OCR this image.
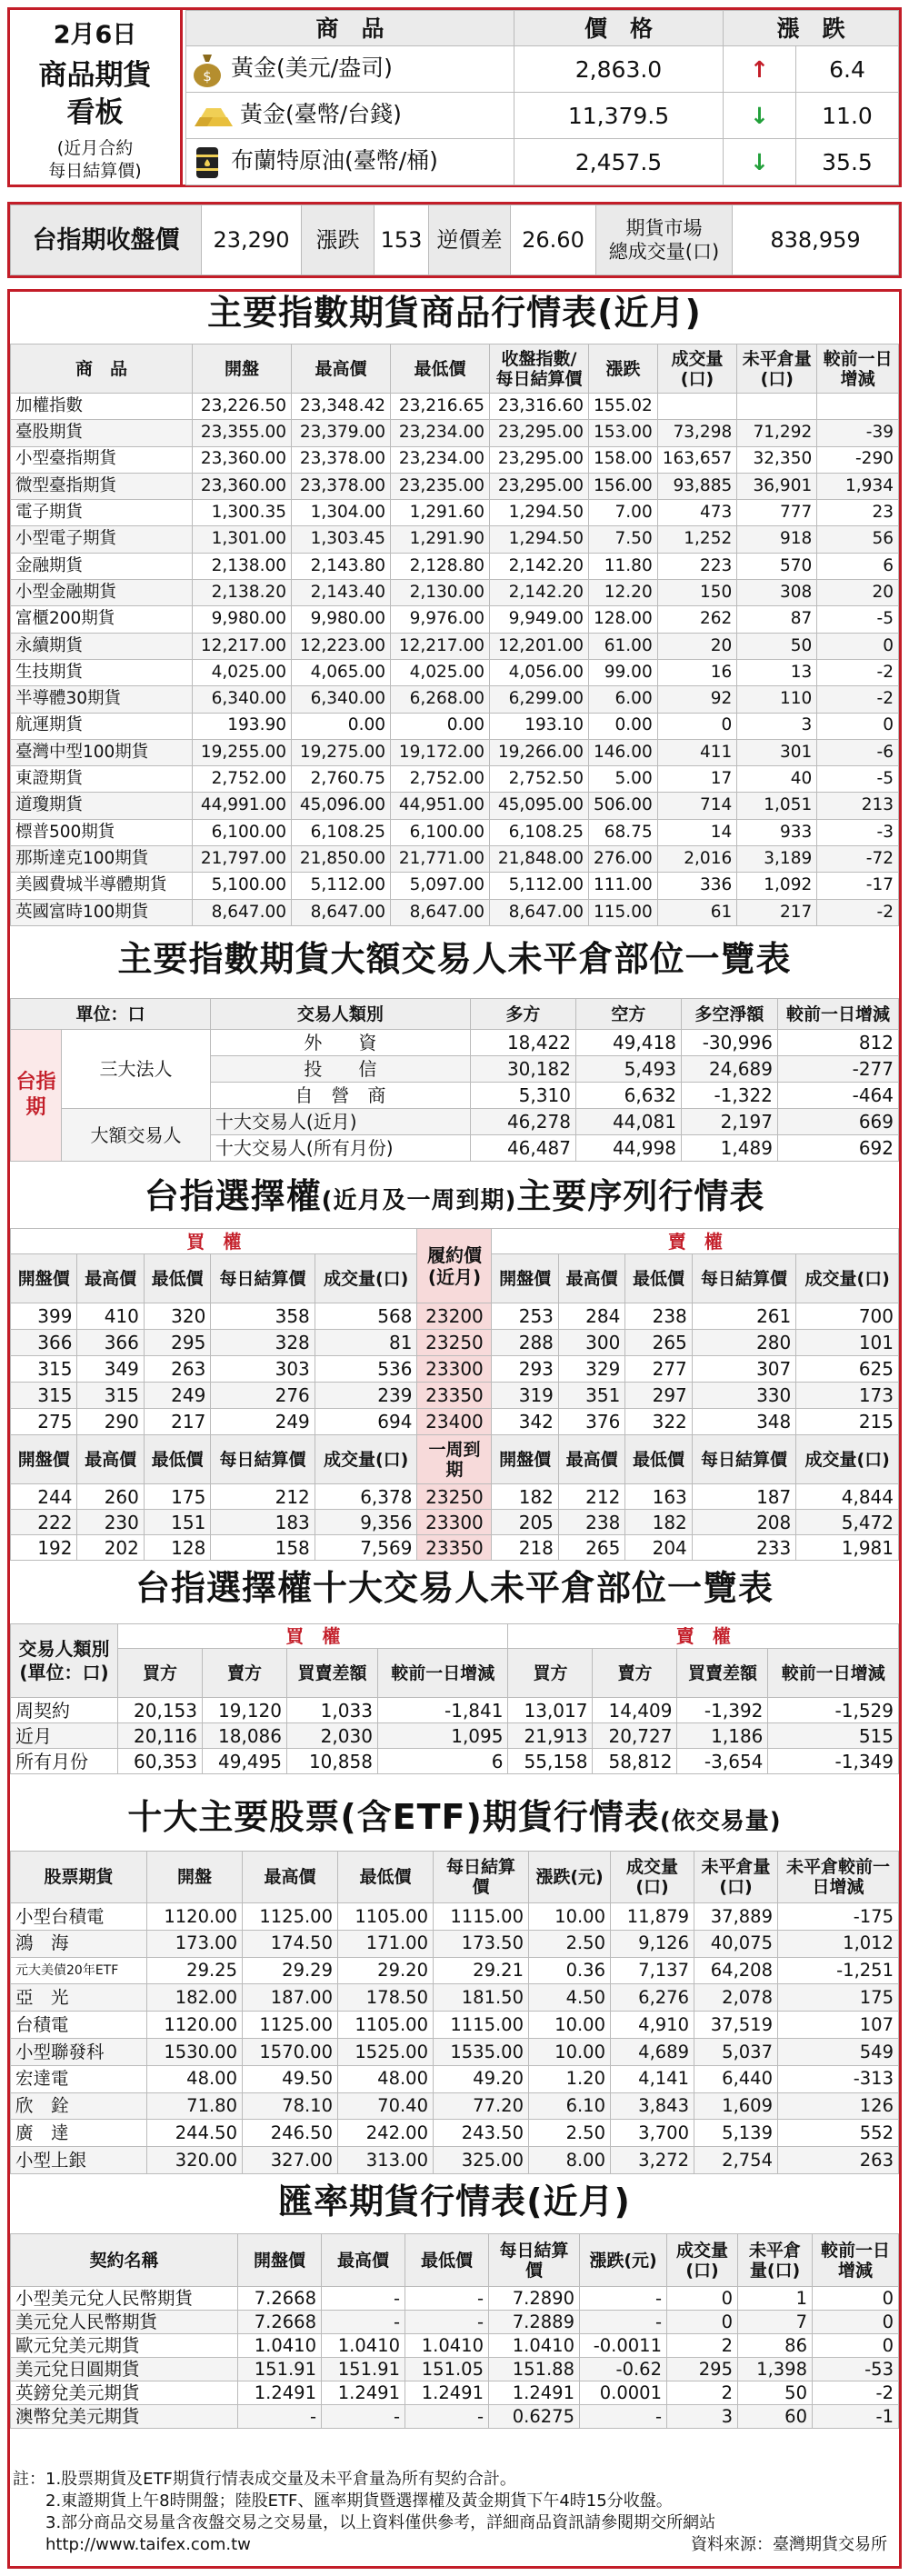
2月6日
商品期貨
看板
(近月合約
每日結算價)
商　品	價　格	漲　跌	

$ 黃金(美元/盎司)	2,863.0	↑	6.4
黃金(臺幣/台錢)	11,379.5	↓	11.0
布蘭特原油(臺幣/桶)	2,457.5	↓	35.5
台指期收盤價	23,290	漲跌	153	逆價差	26.60	期貨市場
總成交量(口)	838,959
主要指數期貨商品行情表(近月)
商　品	開盤	最高價	最低價	收盤指數/每日結算價	漲跌	成交量(口)	未平倉量(口)	較前一日增減
加權指數	23,226.50	23,348.42	23,216.65	23,316.60	155.02			
臺股期貨	23,355.00	23,379.00	23,234.00	23,295.00	153.00	73,298	71,292	-39
小型臺指期貨	23,360.00	23,378.00	23,234.00	23,295.00	158.00	163,657	32,350	-290
微型臺指期貨	23,360.00	23,378.00	23,235.00	23,295.00	156.00	93,885	36,901	1,934
電子期貨	1,300.35	1,304.00	1,291.60	1,294.50	7.00	473	777	23
小型電子期貨	1,301.00	1,303.45	1,291.90	1,294.50	7.50	1,252	918	56
金融期貨	2,138.00	2,143.80	2,128.80	2,142.20	11.80	223	570	6
小型金融期貨	2,138.20	2,143.40	2,130.00	2,142.20	12.20	150	308	20
富櫃200期貨	9,980.00	9,980.00	9,976.00	9,949.00	128.00	262	87	-5
永續期貨	12,217.00	12,223.00	12,217.00	12,201.00	61.00	20	50	0
生技期貨	4,025.00	4,065.00	4,025.00	4,056.00	99.00	16	13	-2
半導體30期貨	6,340.00	6,340.00	6,268.00	6,299.00	6.00	92	110	-2
航運期貨	193.90	0.00	0.00	193.10	0.00	0	3	0
臺灣中型100期貨	19,255.00	19,275.00	19,172.00	19,266.00	146.00	411	301	-6
東證期貨	2,752.00	2,760.75	2,752.00	2,752.50	5.00	17	40	-5
道瓊期貨	44,991.00	45,096.00	44,951.00	45,095.00	506.00	714	1,051	213
標普500期貨	6,100.00	6,108.25	6,100.00	6,108.25	68.75	14	933	-3
那斯達克100期貨	21,797.00	21,850.00	21,771.00	21,848.00	276.00	2,016	3,189	-72
美國費城半導體期貨	5,100.00	5,112.00	5,097.00	5,112.00	111.00	336	1,092	-17
英國富時100期貨	8,647.00	8,647.00	8,647.00	8,647.00	115.00	61	217	-2
主要指數期貨大額交易人未平倉部位一覽表
單位：口		交易人類別	多方	空方	多空淨額	較前一日增減
台指期	三大法人	外　　資	18,422	49,418	-30,996	812
		投　　信	30,182	5,493	24,689	-277
		自　營　商	5,310	6,632	-1,322	-464
	大額交易人	十大交易人(近月)	46,278	44,081	2,197	669
		十大交易人(所有月份)	46,487	44,998	1,489	692
台指選擇權(近月及一周到期)主要序列行情表
買　權					履約價(近月)	賣　權				
開盤價	最高價	最低價	每日結算價	成交量(口)		開盤價	最高價	最低價	每日結算價	成交量(口)
399	410	320	358	568	23200	253	284	238	261	700
366	366	295	328	81	23250	288	300	265	280	101
315	349	263	303	536	23300	293	329	277	307	625
315	315	249	276	239	23350	319	351	297	330	173
275	290	217	249	694	23400	342	376	322	348	215
開盤價	最高價	最低價	每日結算價	成交量(口)	一周到期	開盤價	最高價	最低價	每日結算價	成交量(口)
244	260	175	212	6,378	23250	182	212	163	187	4,844
222	230	151	183	9,356	23300	205	238	182	208	5,472
192	202	128	158	7,569	23350	218	265	204	233	1,981
台指選擇權十大交易人未平倉部位一覽表
交易人類別
(單位：口)	買　權				賣　權			
	買方	賣方	買賣差額	較前一日增減	買方	賣方	買賣差額	較前一日增減
周契約	20,153	19,120	1,033	-1,841	13,017	14,409	-1,392	-1,529
近月	20,116	18,086	2,030	1,095	21,913	20,727	1,186	515
所有月份	60,353	49,495	10,858	6	55,158	58,812	-3,654	-1,349
十大主要股票(含ETF)期貨行情表(依交易量)
股票期貨	開盤	最高價	最低價	每日結算價	漲跌(元)	成交量(口)	未平倉量(口)	未平倉較前一日增減
小型台積電	1120.00	1125.00	1105.00	1115.00	10.00	11,879	37,889	-175
鴻　海	173.00	174.50	171.00	173.50	2.50	9,126	40,075	1,012
元大美債20年ETF	29.25	29.29	29.20	29.21	0.36	7,137	64,208	-1,251
亞　光	182.00	187.00	178.50	181.50	4.50	6,276	2,078	175
台積電	1120.00	1125.00	1105.00	1115.00	10.00	4,910	37,519	107
小型聯發科	1530.00	1570.00	1525.00	1535.00	10.00	4,689	5,037	549
宏達電	48.00	49.50	48.00	49.20	1.20	4,141	6,440	-313
欣　銓	71.80	78.10	70.40	77.20	6.10	3,843	1,609	126
廣　達	244.50	246.50	242.00	243.50	2.50	3,700	5,139	552
小型上銀	320.00	327.00	313.00	325.00	8.00	3,272	2,754	263
匯率期貨行情表(近月)
契約名稱	開盤價	最高價	最低價	每日結算價	漲跌(元)	成交量(口)	未平倉量(口)	較前一日增減
小型美元兌人民幣期貨	7.2668	-	-	7.2890	-	0	1	0
美元兌人民幣期貨	7.2668	-	-	7.2889	-	0	7	0
歐元兌美元期貨	1.0410	1.0410	1.0410	1.0410	-0.0011	2	86	0
美元兌日圓期貨	151.91	151.91	151.05	151.88	-0.62	295	1,398	-53
英鎊兌美元期貨	1.2491	1.2491	1.2491	1.2491	0.0001	2	50	-2
澳幣兌美元期貨	-	-	-	0.6275	-	3	60	-1
註：1.股票期貨及ETF期貨行情表成交量及未平倉量為所有契約合計。
2.東證期貨上午8時開盤；陸股ETF、匯率期貨暨選擇權及黃金期貨下午4時15分收盤。
3.部分商品交易量含夜盤交易之交易量，以上資料僅供參考，詳細商品資訊請參閱期交所網站
http://www.taifex.com.tw	資料來源：臺灣期貨交易所
